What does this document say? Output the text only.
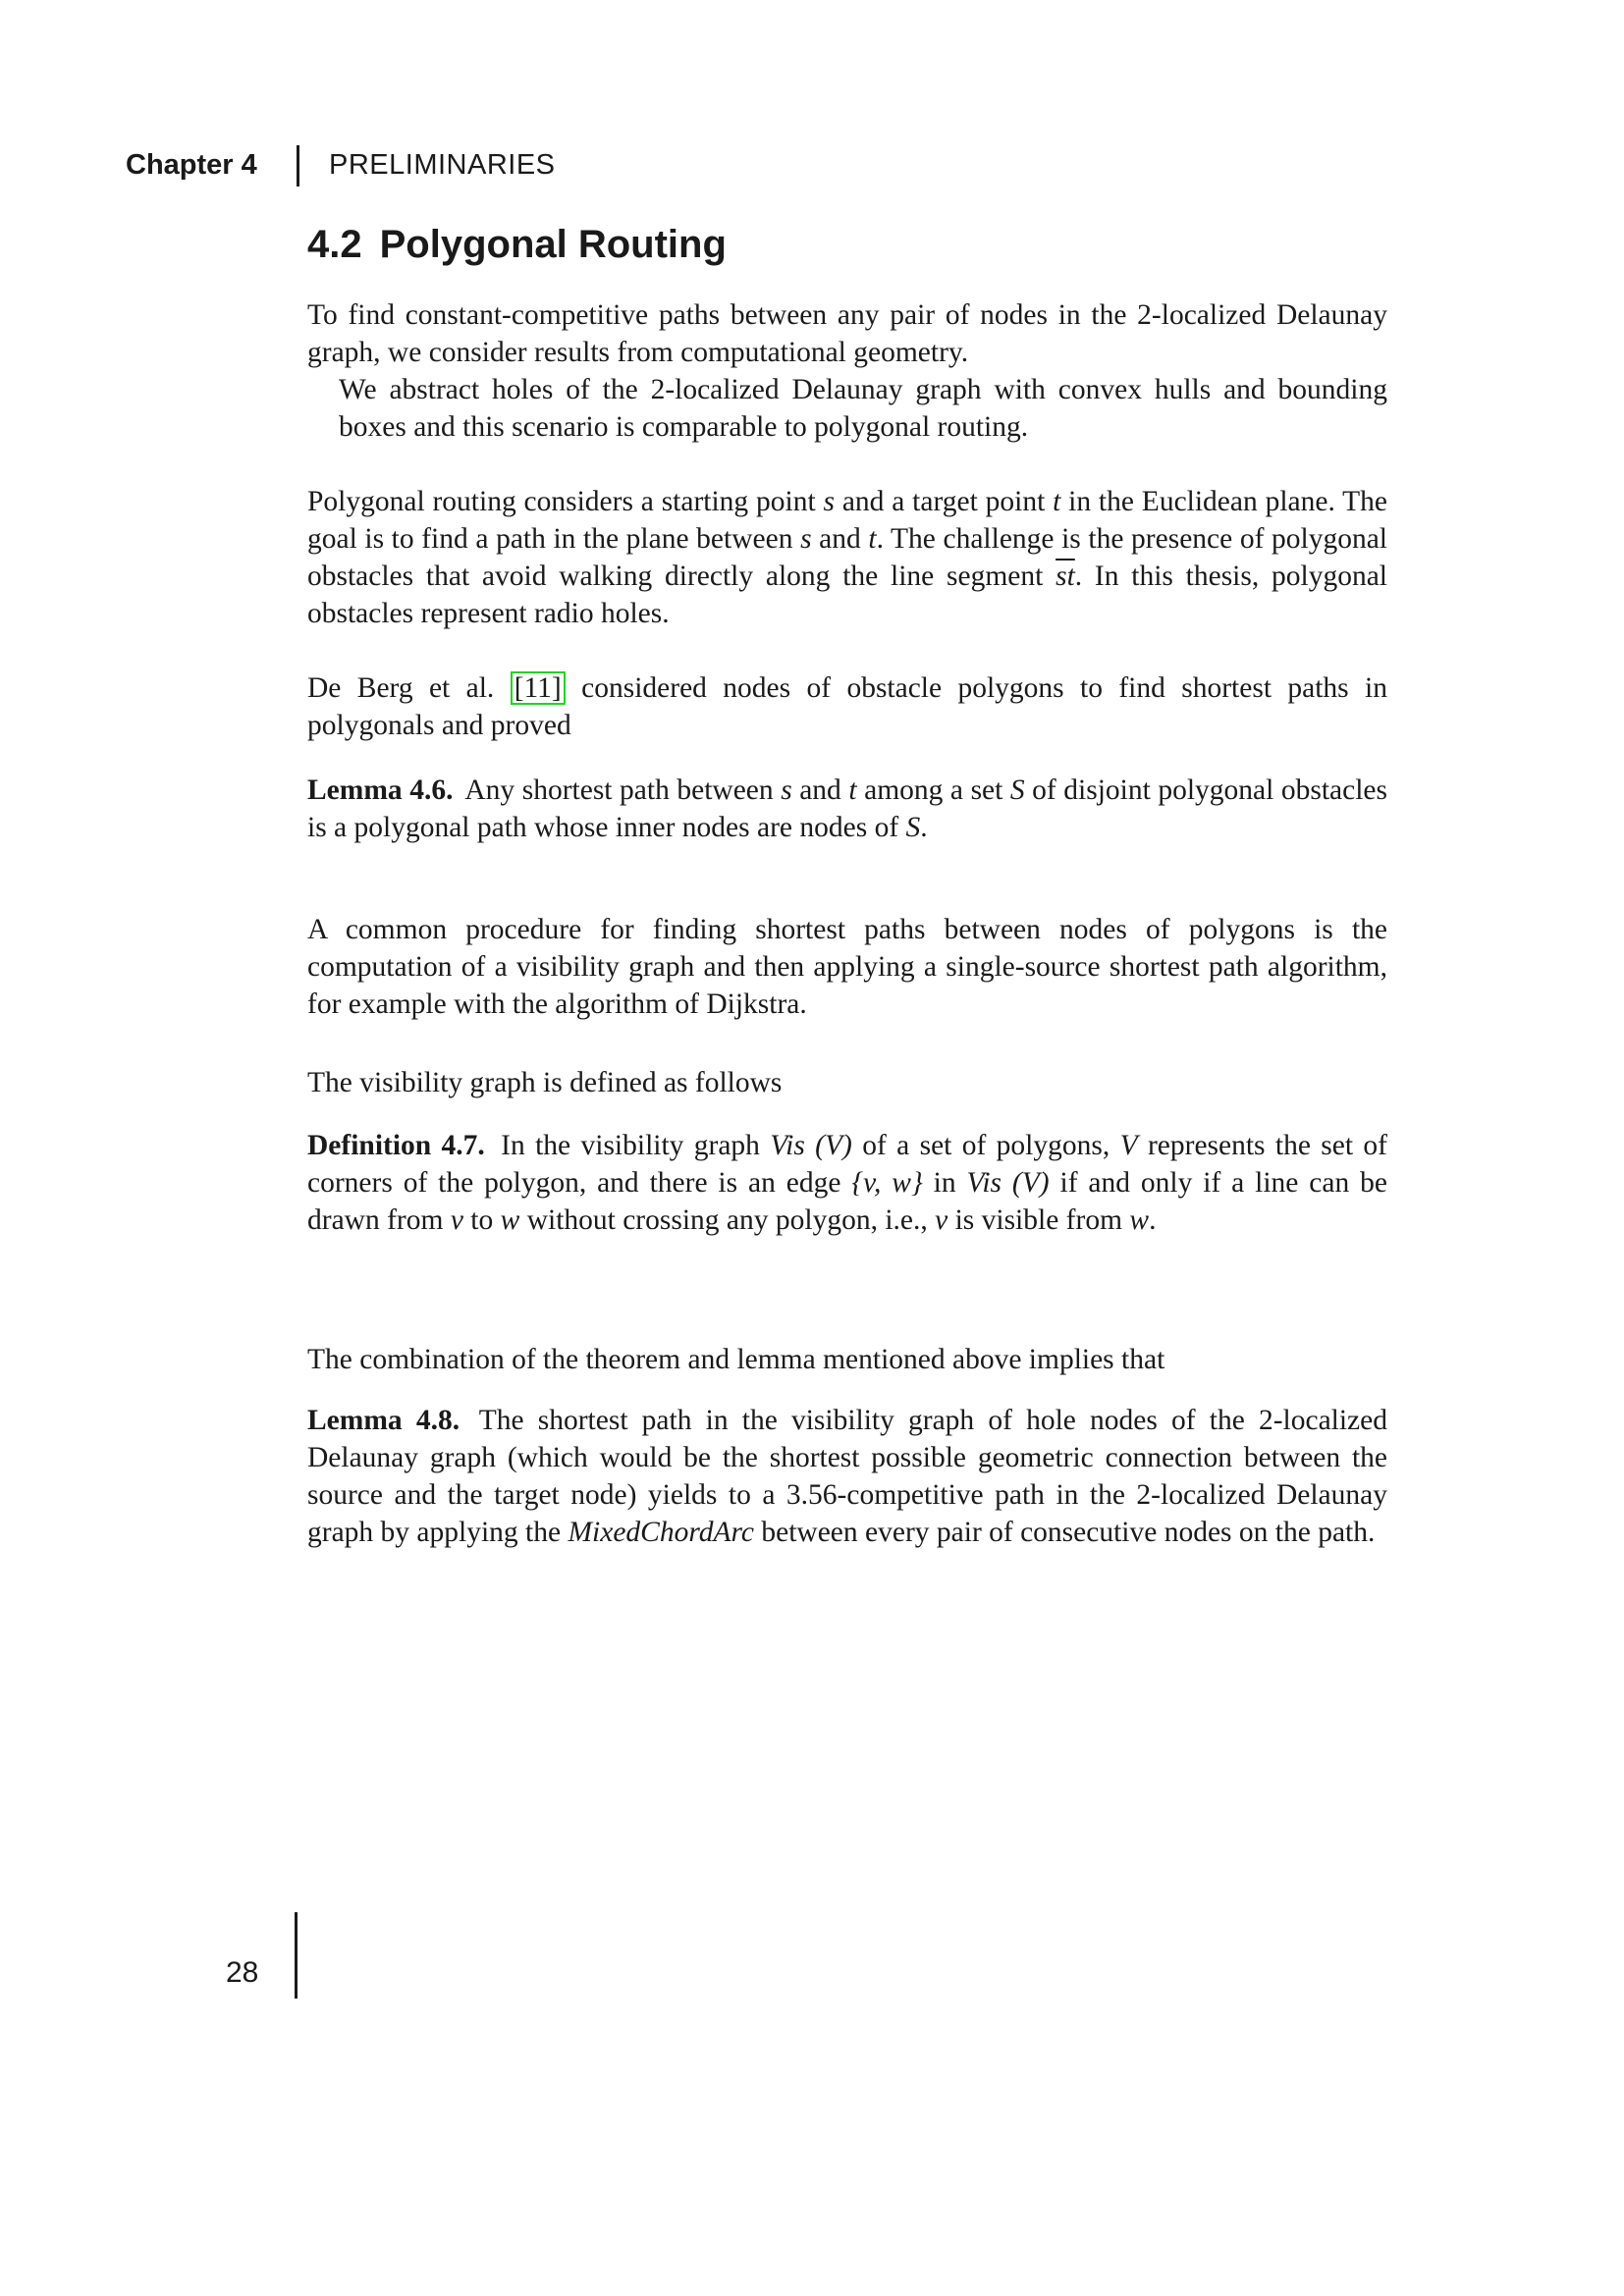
Chapter 4	PRELIMINARIES
4.2 Polygonal Routing

To find constant-competitive paths between any pair of nodes in the 2-localized Delaunay graph, we consider results from computational geometry.
We abstract holes of the 2-localized Delaunay graph with convex hulls and bounding boxes and this scenario is comparable to polygonal routing.

Polygonal routing considers a starting point s and a target point t in the Euclidean plane. The goal is to find a path in the plane between s and t. The challenge is the presence of polygonal obstacles that avoid walking directly along the line segment $\overline{st}$. In this thesis, polygonal obstacles represent radio holes.

De Berg et al. [11] considered nodes of obstacle polygons to find shortest paths in polygonals and proved

Lemma 4.6. Any shortest path between s and t among a set S of disjoint polygonal obstacles is a polygonal path whose inner nodes are nodes of S.

A common procedure for finding shortest paths between nodes of polygons is the computation of a visibility graph and then applying a single-source shortest path algorithm, for example with the algorithm of Dijkstra.

The visibility graph is defined as follows

Definition 4.7. In the visibility graph Vis (V) of a set of polygons, V represents the set of corners of the polygon, and there is an edge {v, w} in Vis (V) if and only if a line can be drawn from v to w without crossing any polygon, i.e., v is visible from w.

The combination of the theorem and lemma mentioned above implies that

Lemma 4.8. The shortest path in the visibility graph of hole nodes of the 2-localized Delaunay graph (which would be the shortest possible geometric connection between the source and the target node) yields to a 3.56-competitive path in the 2-localized Delaunay graph by applying the MixedChordArc between every pair of consecutive nodes on the path.

28
